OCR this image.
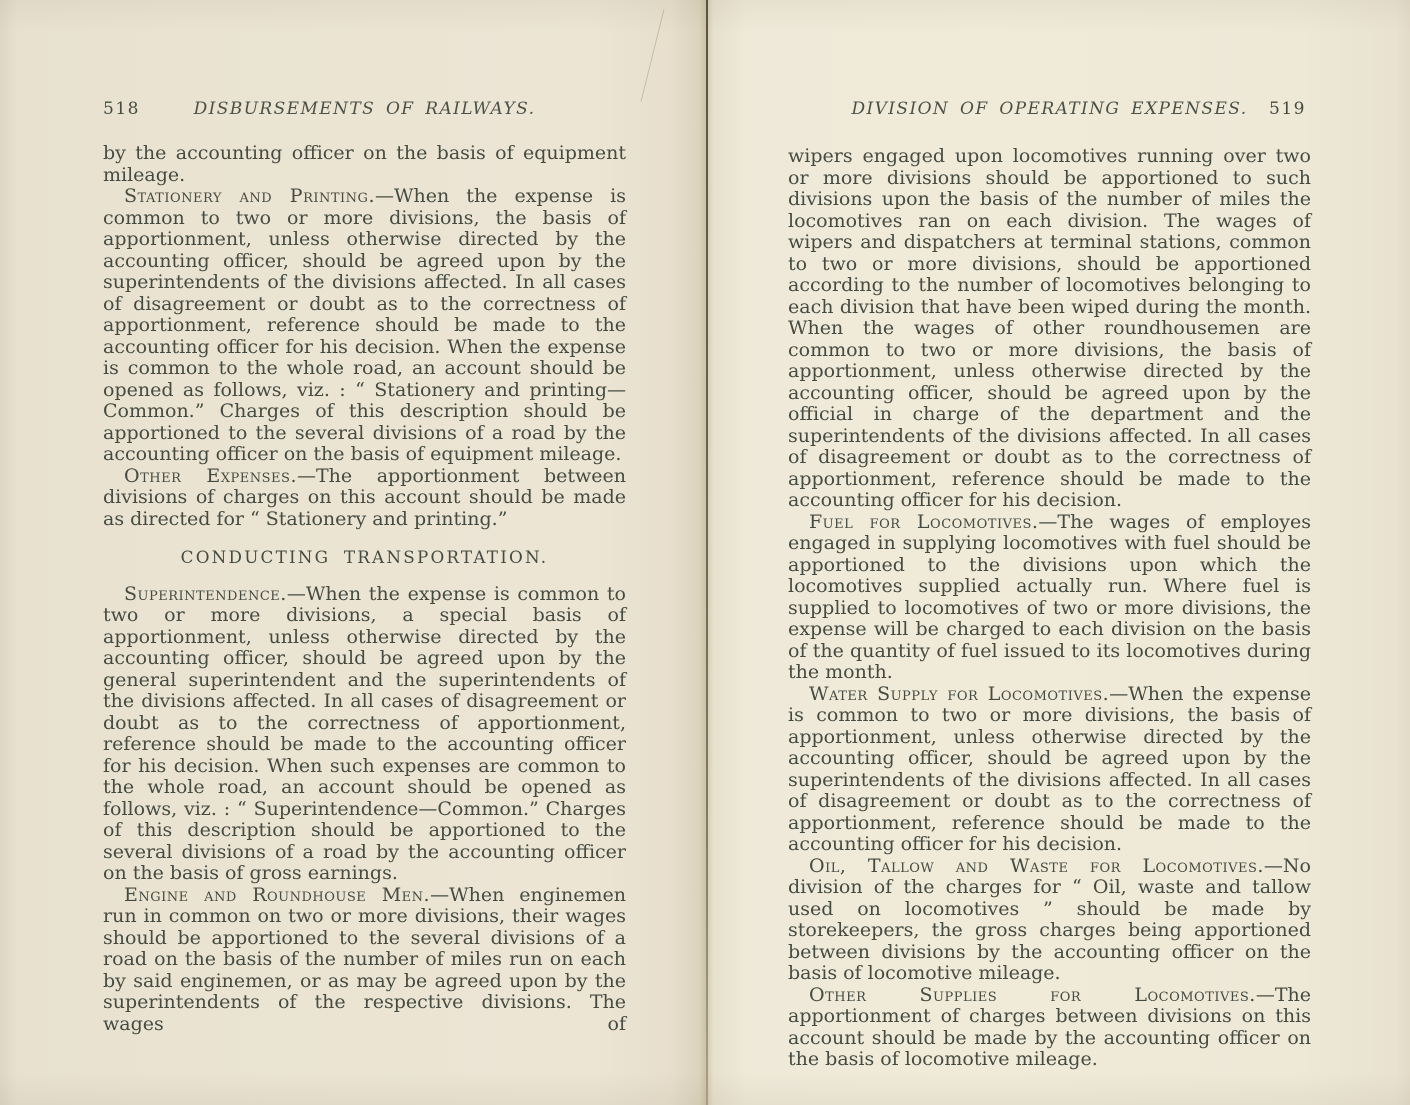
518	DISBURSEMENTS OF RAILWAYS.

by the accounting officer on the basis of equipment mileage.

Stationery and Printing.—When the expense is common to two or more divisions, the basis of apportionment, unless otherwise directed by the accounting officer, should be agreed upon by the superintendents of the divisions affected. In all cases of disagreement or doubt as to the correctness of apportionment, reference should be made to the accounting officer for his decision. When the expense is common to the whole road, an account should be opened as follows, viz. : “ Stationery and printing—Common.” Charges of this description should be apportioned to the several divisions of a road by the accounting officer on the basis of equipment mileage.

Other Expenses.—The apportionment between divisions of charges on this account should be made as directed for “ Stationery and printing.”

CONDUCTING TRANSPORTATION.

Superintendence.—When the expense is common to two or more divisions, a special basis of apportionment, unless otherwise directed by the accounting officer, should be agreed upon by the general superintendent and the superintendents of the divisions affected. In all cases of disagreement or doubt as to the correctness of apportionment, reference should be made to the accounting officer for his decision. When such expenses are common to the whole road, an account should be opened as follows, viz. : “ Superintendence—Common.” Charges of this description should be apportioned to the several divisions of a road by the accounting officer on the basis of gross earnings.

Engine and Roundhouse Men.—When enginemen run in common on two or more divisions, their wages should be apportioned to the several divisions of a road on the basis of the number of miles run on each by said enginemen, or as may be agreed upon by the superintendents of the respective divisions. The wages of

DIVISION OF OPERATING EXPENSES.	519

wipers engaged upon locomotives running over two or more divisions should be apportioned to such divisions upon the basis of the number of miles the locomotives ran on each division. The wages of wipers and dispatchers at terminal stations, common to two or more divisions, should be apportioned according to the number of locomotives belonging to each division that have been wiped during the month. When the wages of other roundhousemen are common to two or more divisions, the basis of apportionment, unless otherwise directed by the accounting officer, should be agreed upon by the official in charge of the department and the superintendents of the divisions affected. In all cases of disagreement or doubt as to the correctness of apportionment, reference should be made to the accounting officer for his decision.

Fuel for Locomotives.—The wages of employes engaged in supplying locomotives with fuel should be apportioned to the divisions upon which the locomotives supplied actually run. Where fuel is supplied to locomotives of two or more divisions, the expense will be charged to each division on the basis of the quantity of fuel issued to its locomotives during the month.

Water Supply for Locomotives.—When the expense is common to two or more divisions, the basis of apportionment, unless otherwise directed by the accounting officer, should be agreed upon by the superintendents of the divisions affected. In all cases of disagreement or doubt as to the correctness of apportionment, reference should be made to the accounting officer for his decision.

Oil, Tallow and Waste for Locomotives.—No division of the charges for “ Oil, waste and tallow used on locomotives ” should be made by storekeepers, the gross charges being apportioned between divisions by the accounting officer on the basis of locomotive mileage.

Other Supplies for Locomotives.—The apportionment of charges between divisions on this account should be made by the accounting officer on the basis of locomotive mileage.
